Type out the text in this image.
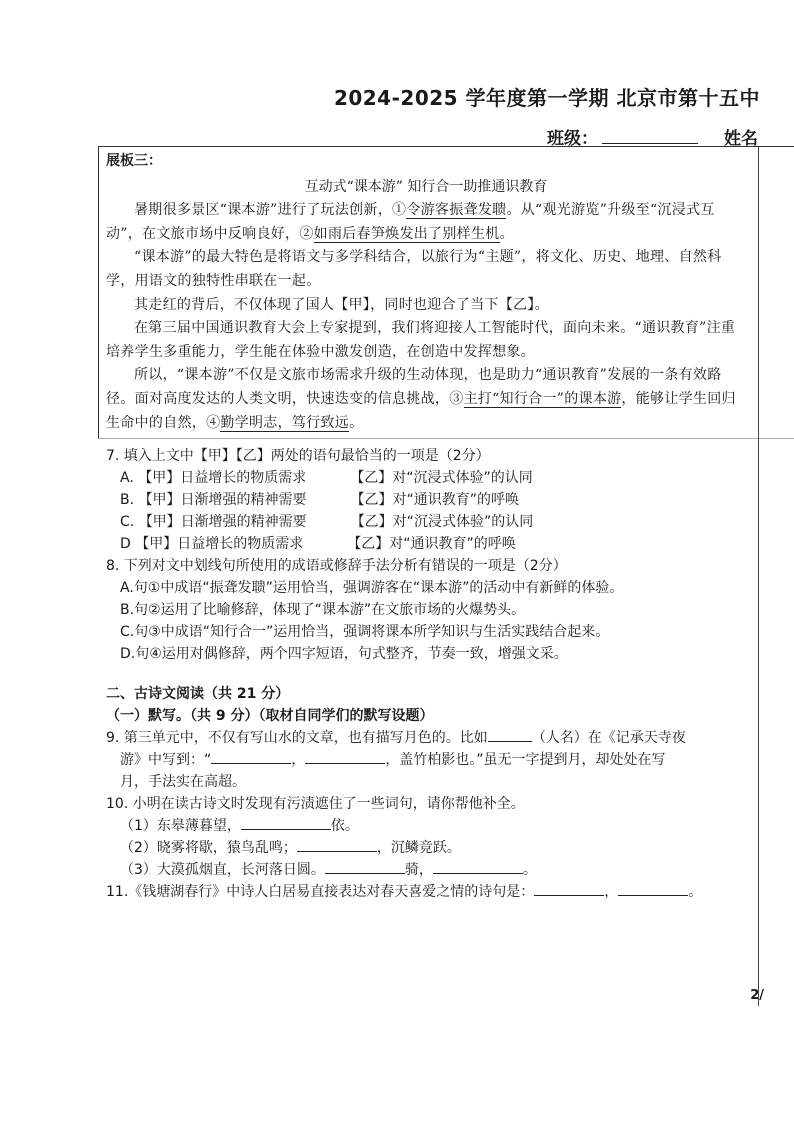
2024-2025 学年度第一学期 北京市第十五中
班级：	姓名
展板三：
互动式“课本游” 知行合一助推通识教育

暑期很多景区“课本游”进行了玩法创新，①令游客振聋发聩。从“观光游览”升级至“沉浸式互动”，在文旅市场中反响良好，②如雨后春笋焕发出了别样生机。

“课本游”的最大特色是将语文与多学科结合，以旅行为“主题”，将文化、历史、地理、自然科学，用语文的独特性串联在一起。

其走红的背后，不仅体现了国人【甲】，同时也迎合了当下【乙】。

在第三届中国通识教育大会上专家提到，我们将迎接人工智能时代，面向未来。“通识教育”注重培养学生多重能力，学生能在体验中激发创造，在创造中发挥想象。

所以，“课本游”不仅是文旅市场需求升级的生动体现，也是助力“通识教育”发展的一条有效路径。面对高度发达的人类文明，快速迭变的信息挑战，③主打“知行合一”的课本游，能够让学生回归生命中的自然，④勤学明志，笃行致远。

7. 填入上文中【甲】【乙】两处的语句最恰当的一项是（2分）

A. 【甲】日益增长的物质需求	【乙】对“沉浸式体验”的认同

B. 【甲】日渐增强的精神需要	【乙】对“通识教育”的呼唤

C. 【甲】日渐增强的精神需要	【乙】对“沉浸式体验”的认同

D 【甲】日益增长的物质需求	【乙】对“通识教育”的呼唤

8. 下列对文中划线句所使用的成语或修辞手法分析有错误的一项是（2分）

A.句①中成语“振聋发聩”运用恰当，强调游客在“课本游”的活动中有新鲜的体验。

B.句②运用了比喻修辞，体现了“课本游”在文旅市场的火爆势头。

C.句③中成语“知行合一”运用恰当，强调将课本所学知识与生活实践结合起来。

D.句④运用对偶修辞，两个四字短语，句式整齐，节奏一致，增强文采。

二、古诗文阅读（共 21 分）

（一）默写。（共 9 分）（取材自同学们的默写设题）

9. 第三单元中，不仅有写山水的文章，也有描写月色的。比如	（人名）在《记承天寺夜

游》中写到：“	，	，盖竹柏影也。”虽无一字提到月，却处处在写

月，手法实在高超。

10. 小明在读古诗文时发现有污渍遮住了一些词句，请你帮他补全。

（1）东皋薄暮望，	依。

（2）晓雾将歇，猿鸟乱鸣；	，沉鳞竞跃。

（3）大漠孤烟直，长河落日圆。	骑，	。

11.《钱塘湖春行》中诗人白居易直接表达对春天喜爱之情的诗句是：	，	。

2/
